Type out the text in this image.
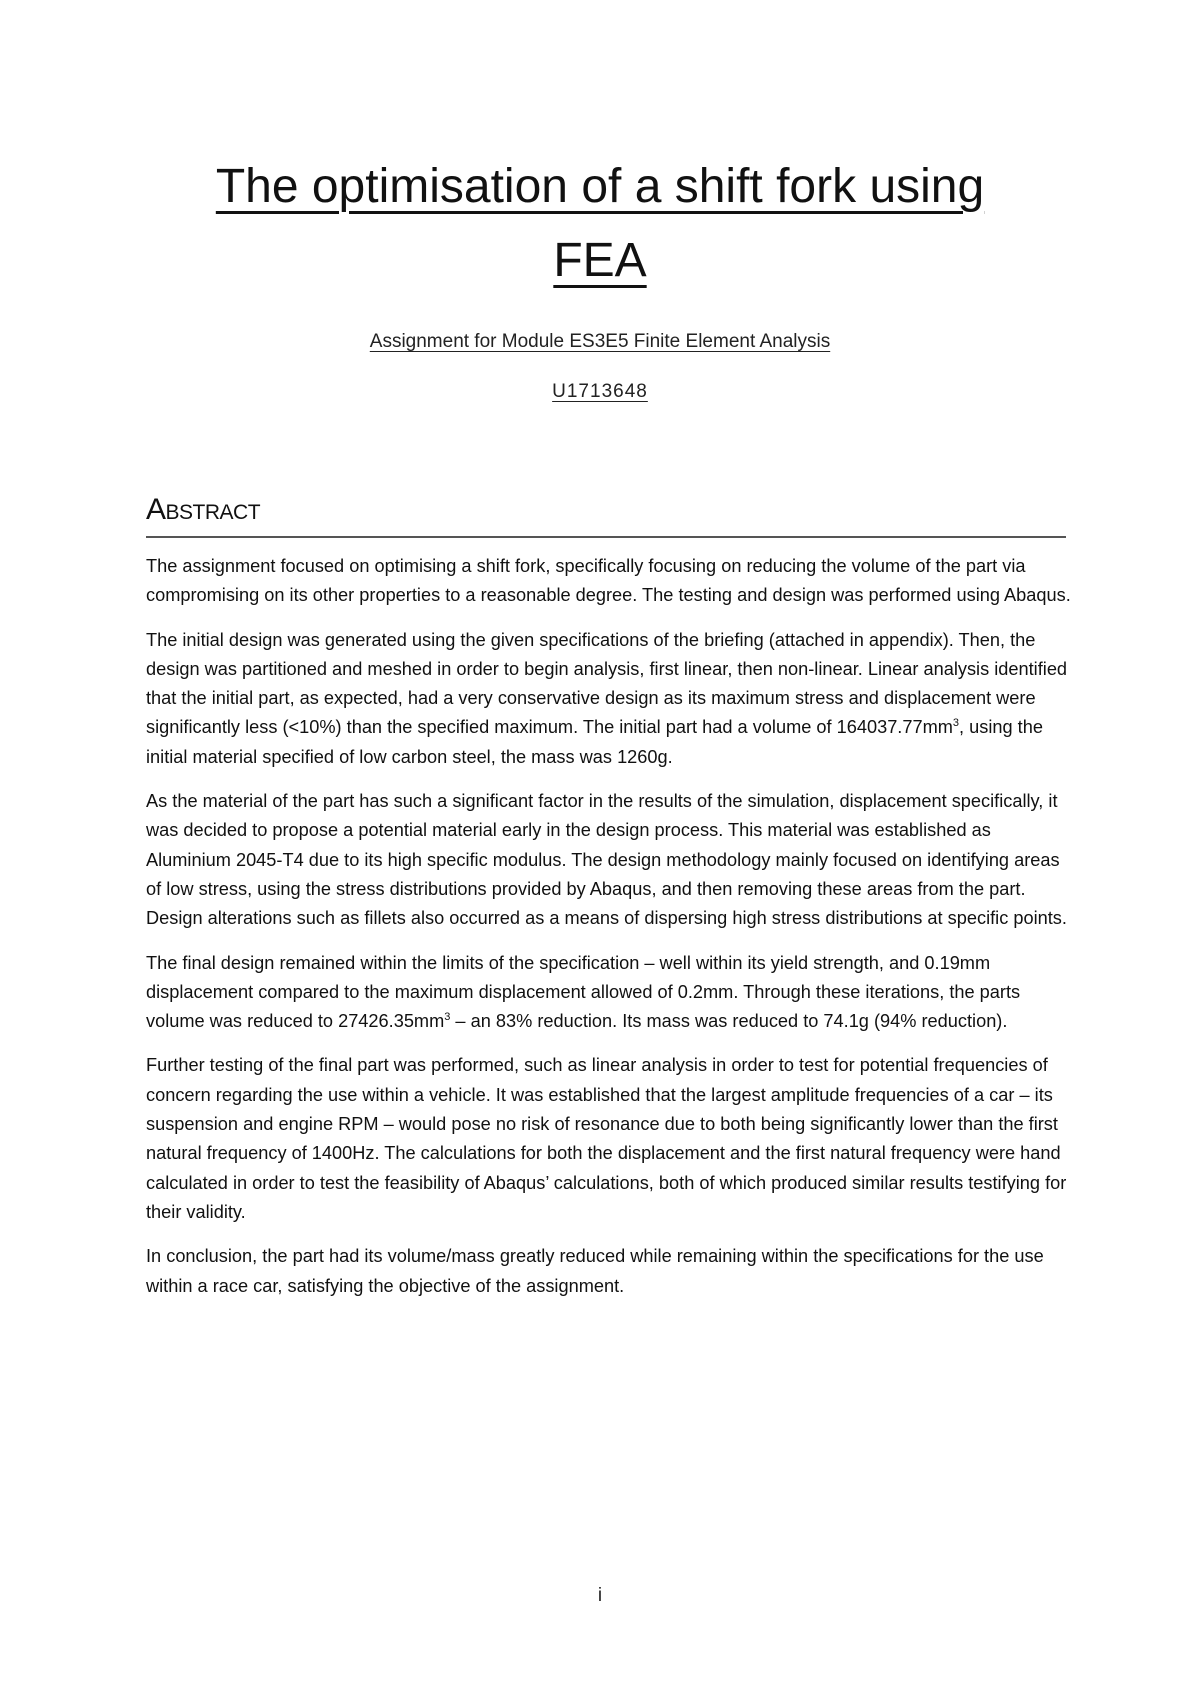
The optimisation of a shift fork using
FEA
Assignment for Module ES3E5 Finite Element Analysis
U1713648
Abstract

The assignment focused on optimising a shift fork, specifically focusing on reducing the volume of the part via compromising on its other properties to a reasonable degree. The testing and design was performed using Abaqus.

The initial design was generated using the given specifications of the briefing (attached in appendix). Then, the design was partitioned and meshed in order to begin analysis, first linear, then non-linear. Linear analysis identified that the initial part, as expected, had a very conservative design as its maximum stress and displacement were significantly less (<10%) than the specified maximum. The initial part had a volume of $164037.77mm^3$, using the initial material specified of low carbon steel, the mass was 1260g.

As the material of the part has such a significant factor in the results of the simulation, displacement specifically, it was decided to propose a potential material early in the design process. This material was established as Aluminium 2045-T4 due to its high specific modulus. The design methodology mainly focused on identifying areas of low stress, using the stress distributions provided by Abaqus, and then removing these areas from the part. Design alterations such as fillets also occurred as a means of dispersing high stress distributions at specific points.

The final design remained within the limits of the specification – well within its yield strength, and 0.19mm displacement compared to the maximum displacement allowed of 0.2mm. Through these iterations, the parts volume was reduced to $27426.35mm^3$ – an 83% reduction. Its mass was reduced to 74.1g (94% reduction).

Further testing of the final part was performed, such as linear analysis in order to test for potential frequencies of concern regarding the use within a vehicle. It was established that the largest amplitude frequencies of a car – its suspension and engine RPM – would pose no risk of resonance due to both being significantly lower than the first natural frequency of 1400Hz. The calculations for both the displacement and the first natural frequency were hand calculated in order to test the feasibility of Abaqus’ calculations, both of which produced similar results testifying for their validity.

In conclusion, the part had its volume/mass greatly reduced while remaining within the specifications for the use within a race car, satisfying the objective of the assignment.

i
